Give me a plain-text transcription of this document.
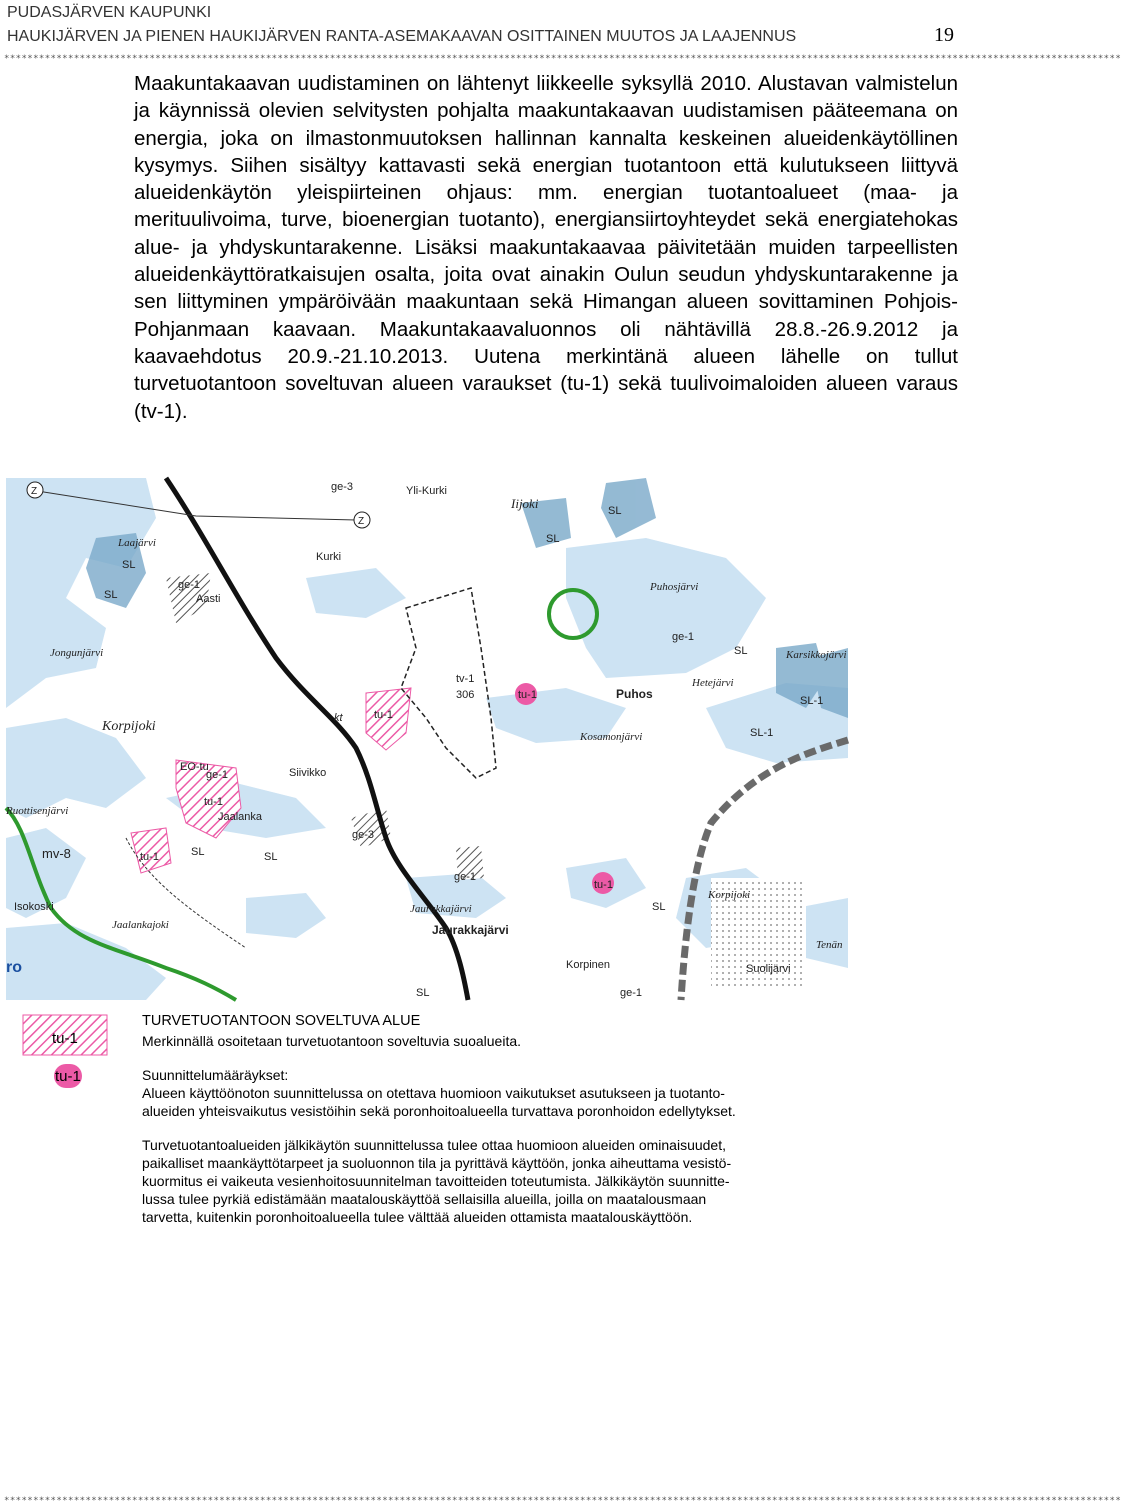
PUDASJÄRVEN KAUPUNKI
HAUKIJÄRVEN JA PIENEN HAUKIJÄRVEN RANTA-ASEMAKAAVAN OSITTAINEN MUUTOS JA LAAJENNUS	19
************************************************************************************************************************************************************************************************
Maakuntakaavan uudistaminen on lähtenyt liikkeelle syksyllä 2010. Alustavan valmistelun ja käynnissä olevien selvitysten pohjalta maakuntakaavan uudistamisen pääteemana on energia, joka on ilmastonmuutoksen hallinnan kannalta keskeinen alueidenkäytöllinen kysymys. Siihen sisältyy kattavasti sekä energian tuotantoon että kulutukseen liittyvä alueidenkäytön yleispiirteinen ohjaus: mm. energian tuotantoalueet (maa- ja merituulivoima, turve, bioenergian tuotanto), energiansiirtoyhteydet sekä energiatehokas alue- ja yhdyskuntarakenne. Lisäksi maakuntakaavaa päivitetään muiden tarpeellisten alueidenkäyttöratkaisujen osalta, joita ovat ainakin Oulun seudun yhdyskuntarakenne ja sen liittyminen ympäröivään maakuntaan sekä Himangan alueen sovittaminen Pohjois-Pohjanmaan kaavaan. Maakuntakaavaluonnos oli nähtävillä 28.8.-26.9.2012 ja kaavaehdotus 20.9.-21.10.2013. Uutena merkintänä alueen lähelle on tullut turvetuotantoon soveltuvan alueen varaukset (tu-1) sekä tuulivoimaloiden alueen varaus (tv-1).
Yli-Kurki
ge-3
Iijoki	SL
SL
Laajärvi
SL
SL
ge-1
Aasti
Kurki
Puhosjärvi
ge-1
SL	Karsikkojärvi
Jongunjärvi
tv-1
306	tu-1	Puhos
Hetejärvi
SL-1
SL-1
Korpijoki
kt	tu-1
Kosamonjärvi
EO-tu
ge-1	Siivikko
tu-1
Jaalanka
Ruottisenjärvi
mv-8	tu-1	SL	SL
ge-3
ge-1
tu-1
Korpijoki
SL
Isokoski	Jaurakkajärvi
Jaurakkajärvi
Jaalankajoki
Korpinen	Suolijärvi
Tenän
SL	ge-1
ro
Z
Z
tu-1
tu-1
TURVETUOTANTOON SOVELTUVA ALUE
Merkinnällä osoitetaan turvetuotantoon soveltuvia suoalueita.
Suunnittelumääräykset:
Alueen käyttöönoton suunnittelussa on otettava huomioon vaikutukset asutukseen ja tuotanto-
alueiden yhteisvaikutus vesistöihin sekä poronhoitoalueella turvattava poronhoidon edellytykset.
Turvetuotantoalueiden jälkikäytön suunnittelussa tulee ottaa huomioon alueiden ominaisuudet,
paikalliset maankäyttötarpeet ja suoluonnon tila ja pyrittävä käyttöön, jonka aiheuttama vesistö-
kuormitus ei vaikeuta vesienhoitosuunnitelman tavoitteiden toteutumista. Jälkikäytön suunnitte-
lussa tulee pyrkiä edistämään maatalouskäyttöä sellaisilla alueilla, joilla on maatalousmaan
tarvetta, kuitenkin poronhoitoalueella tulee välttää alueiden ottamista maatalouskäyttöön.
************************************************************************************************************************************************************************************************
